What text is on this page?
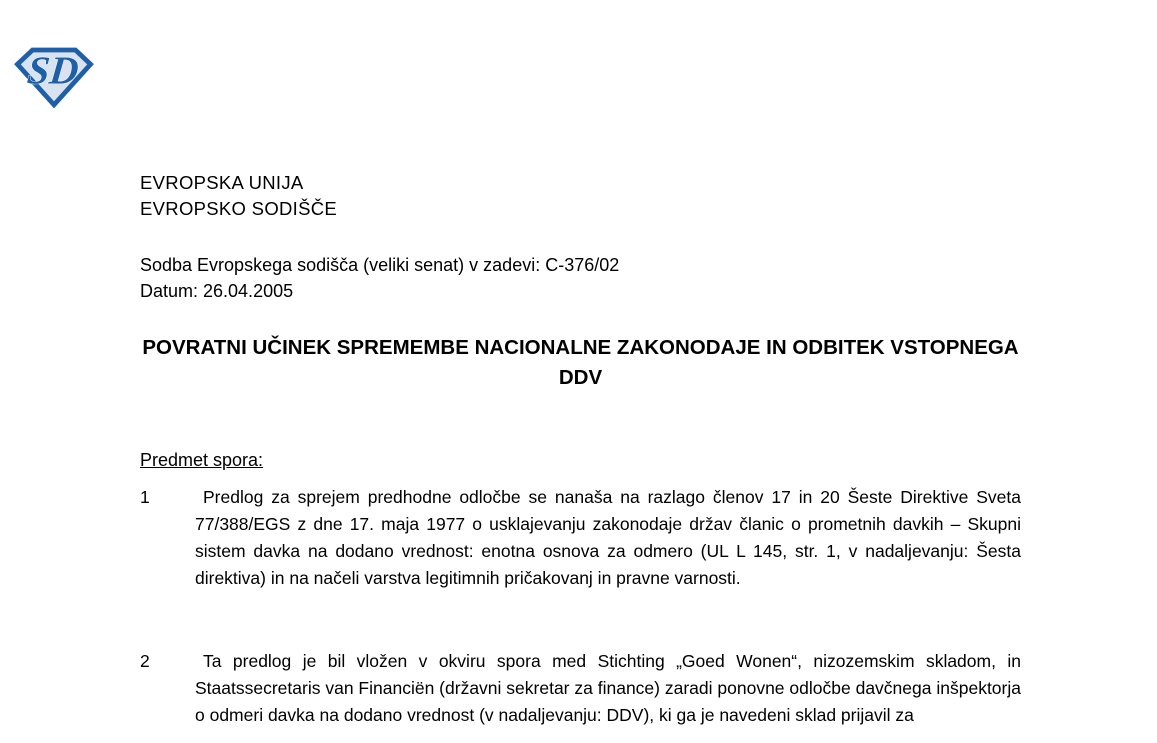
SD
EVROPSKA UNIJA
EVROPSKO SODIŠČE
Sodba Evropskega sodišča (veliki senat) v zadevi: C-376/02
Datum: 26.04.2005
POVRATNI UČINEK SPREMEMBE NACIONALNE ZAKONODAJE IN ODBITEK VSTOPNEGA DDV
Predmet spora:
1	Predlog za sprejem predhodne odločbe se nanaša na razlago členov 17 in 20 Šeste Direktive Sveta 77/388/EGS z dne 17. maja 1977 o usklajevanju zakonodaje držav članic o prometnih davkih – Skupni sistem davka na dodano vrednost: enotna osnova za odmero (UL L 145, str. 1, v nadaljevanju: Šesta direktiva) in na načeli varstva legitimnih pričakovanj in pravne varnosti.
2	Ta predlog je bil vložen v okviru spora med Stichting „Goed Wonen“, nizozemskim skladom, in Staatssecretaris van Financiën (državni sekretar za finance) zaradi ponovne odločbe davčnega inšpektorja o odmeri davka na dodano vrednost (v nadaljevanju: DDV), ki ga je navedeni sklad prijavil za
